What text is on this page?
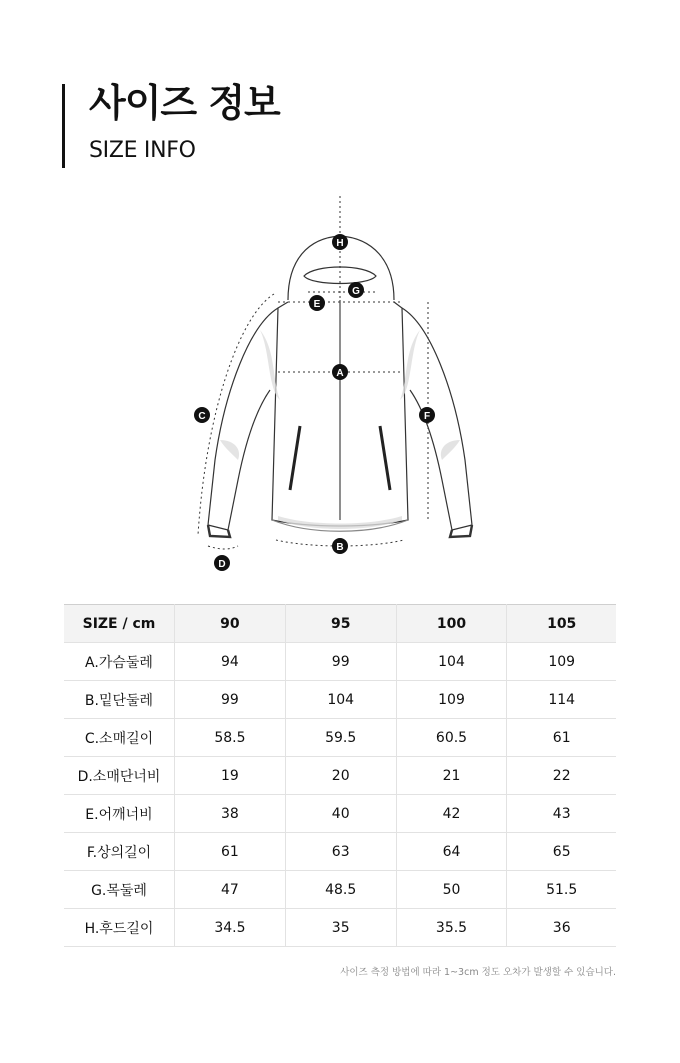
사이즈 정보
SIZE INFO
H
G
E
A
C	F
D
B
SIZE / cm	90	95	100	105
A.가슴둘레	94	99	104	109
B.밑단둘레	99	104	109	114
C.소매길이	58.5	59.5	60.5	61
D.소매단너비	19	20	21	22
E.어깨너비	38	40	42	43
F.상의길이	61	63	64	65
G.목둘레	47	48.5	50	51.5
H.후드길이	34.5	35	35.5	36
사이즈 측정 방법에 따라 1~3cm 정도 오차가 발생할 수 있습니다.
